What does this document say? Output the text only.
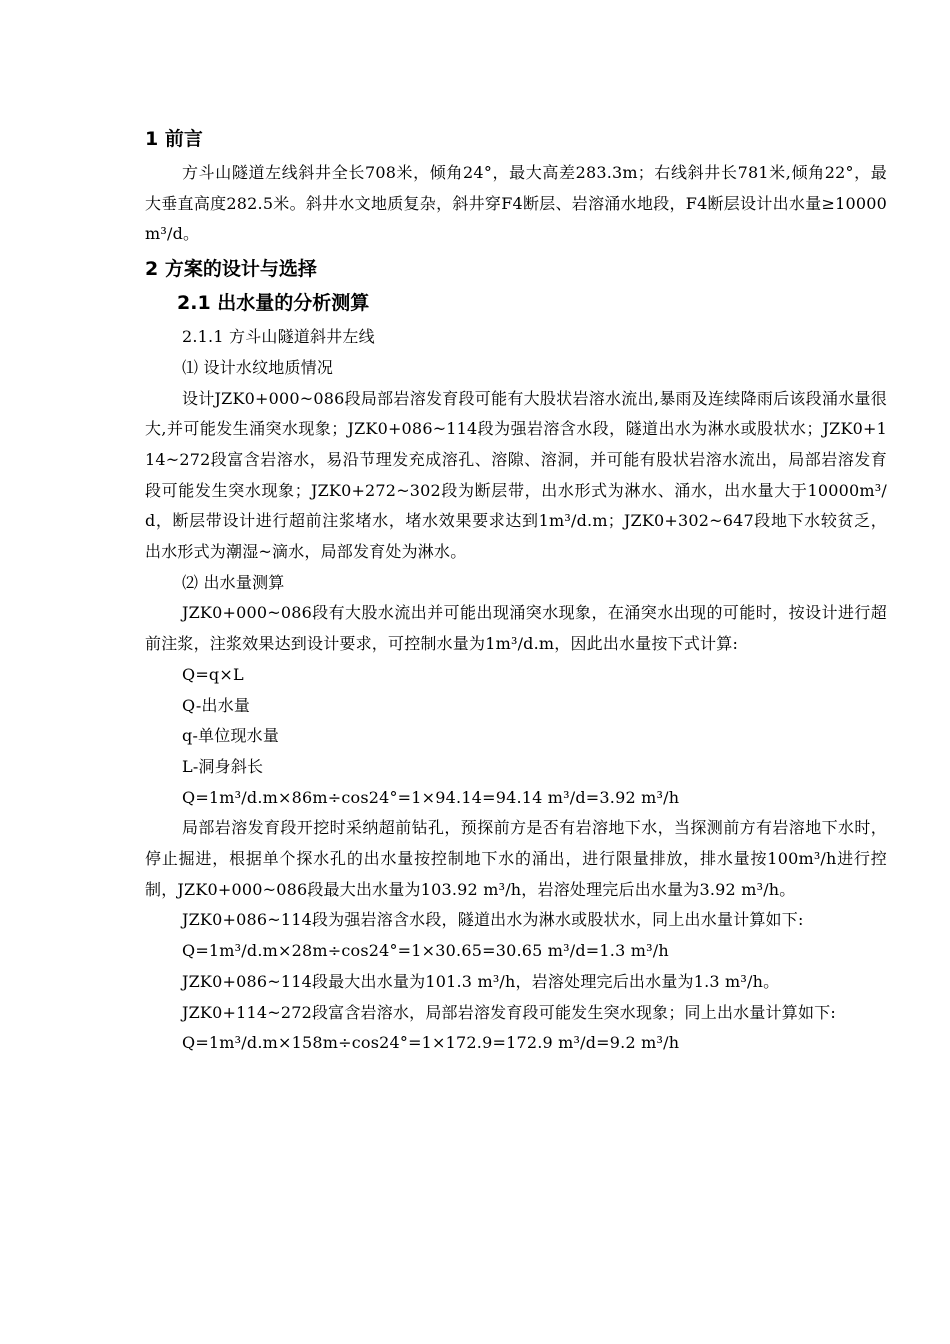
1 前言

方斗山隧道左线斜井全长708米，倾角24°，最大高差283.3m；右线斜井长781米,倾角22°，最大垂直高度282.5米。斜井水文地质复杂，斜井穿F4断层、岩溶涌水地段，F4断层设计出水量≥10000m³/d。

2 方案的设计与选择
2.1 出水量的分析测算

2.1.1 方斗山隧道斜井左线

⑴ 设计水纹地质情况

设计JZK0+000~086段局部岩溶发育段可能有大股状岩溶水流出,暴雨及连续降雨后该段涌水量很大,并可能发生涌突水现象；JZK0+086~114段为强岩溶含水段，隧道出水为淋水或股状水；JZK0+114~272段富含岩溶水，易沿节理发充成溶孔、溶隙、溶洞，并可能有股状岩溶水流出，局部岩溶发育段可能发生突水现象；JZK0+272~302段为断层带，出水形式为淋水、涌水，出水量大于10000m³/d，断层带设计进行超前注浆堵水，堵水效果要求达到1m³/d.m；JZK0+302~647段地下水较贫乏，出水形式为潮湿~滴水，局部发育处为淋水。

⑵ 出水量测算

JZK0+000~086段有大股水流出并可能出现涌突水现象，在涌突水出现的可能时，按设计进行超前注浆，注浆效果达到设计要求，可控制水量为1m³/d.m，因此出水量按下式计算:

Q=q×L

Q-出水量

q-单位现水量

L-洞身斜长

Q=1m³/d.m×86m÷cos24°=1×94.14=94.14 m³/d=3.92 m³/h

局部岩溶发育段开挖时采纳超前钻孔，预探前方是否有岩溶地下水，当探测前方有岩溶地下水时，停止掘进，根据单个探水孔的出水量按控制地下水的涌出，进行限量排放，排水量按100m³/h进行控制，JZK0+000~086段最大出水量为103.92 m³/h，岩溶处理完后出水量为3.92 m³/h。

JZK0+086~114段为强岩溶含水段，隧道出水为淋水或股状水，同上出水量计算如下:

Q=1m³/d.m×28m÷cos24°=1×30.65=30.65 m³/d=1.3 m³/h

JZK0+086~114段最大出水量为101.3 m³/h，岩溶处理完后出水量为1.3 m³/h。

JZK0+114~272段富含岩溶水，局部岩溶发育段可能发生突水现象；同上出水量计算如下:

Q=1m³/d.m×158m÷cos24°=1×172.9=172.9 m³/d=9.2 m³/h
